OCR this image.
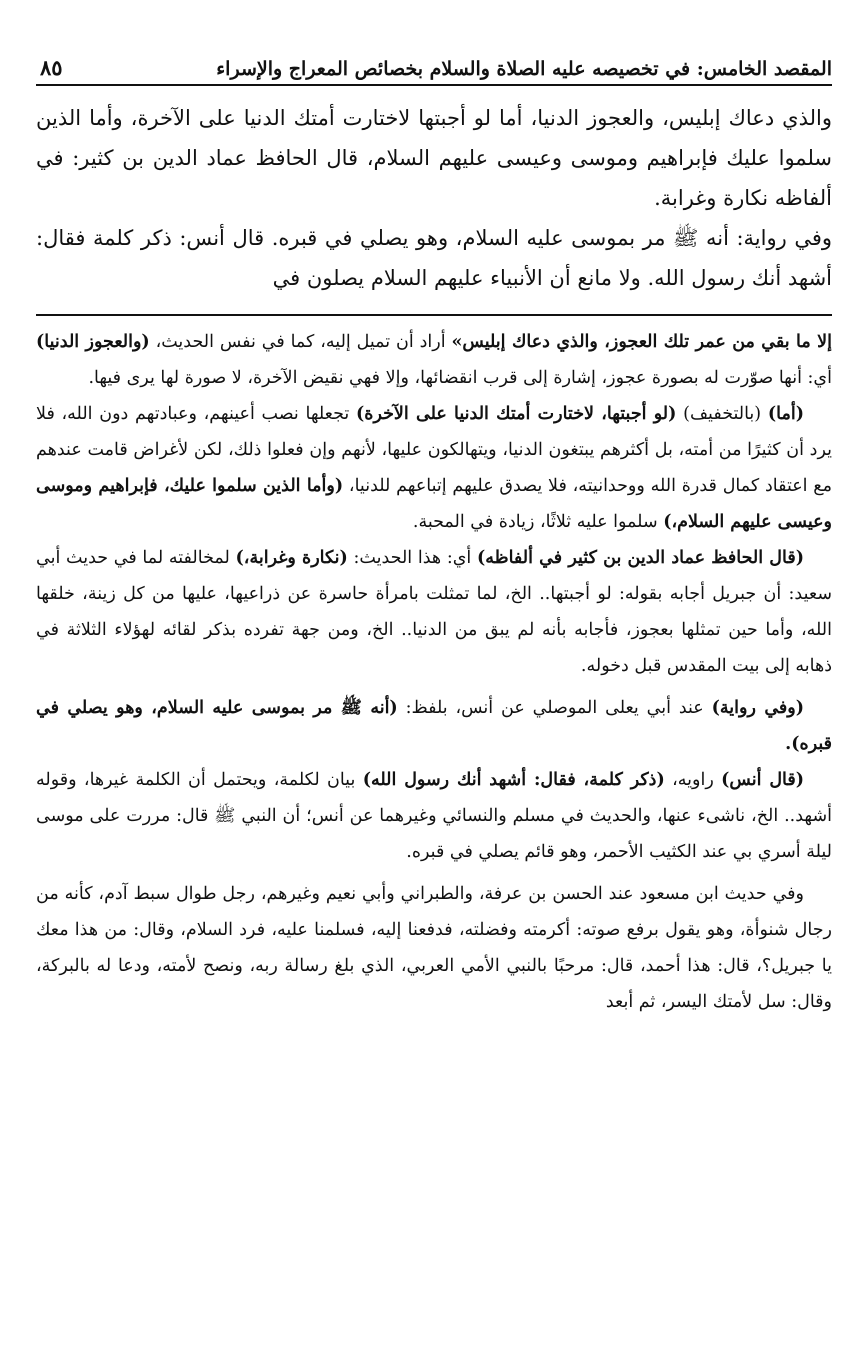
المقصد الخامس: في تخصيصه عليه الصلاة والسلام بخصائص المعراج والإسراء
٨٥

والذي دعاك إبليس، والعجوز الدنيا، أما لو أجبتها لاختارت أمتك الدنيا على الآخرة، وأما الذين سلموا عليك فإبراهيم وموسى وعيسى عليهم السلام، قال الحافظ عماد الدين بن كثير: في ألفاظه نكارة وغرابة.

وفي رواية: أنه ﷺ مر بموسى عليه السلام، وهو يصلي في قبره. قال أنس: ذكر كلمة فقال: أشهد أنك رسول الله. ولا مانع أن الأنبياء عليهم السلام يصلون في

إلا ما بقي من عمر تلك العجوز، والذي دعاك إبليس» أراد أن تميل إليه، كما في نفس الحديث، (والعجوز الدنيا) أي: أنها صوّرت له بصورة عجوز، إشارة إلى قرب انقضائها، وإلا فهي نقيض الآخرة، لا صورة لها يرى فيها.

(أما) (بالتخفيف) (لو أجبتها، لاختارت أمتك الدنيا على الآخرة) تجعلها نصب أعينهم، وعبادتهم دون الله، فلا يرد أن كثيرًا من أمته، بل أكثرهم يبتغون الدنيا، ويتهالكون عليها، لأنهم وإن فعلوا ذلك، لكن لأغراض قامت عندهم مع اعتقاد كمال قدرة الله ووحدانيته، فلا يصدق عليهم إتباعهم للدنيا، (وأما الذين سلموا عليك، فإبراهيم وموسى وعيسى عليهم السلام،) سلموا عليه ثلاثًا، زيادة في المحبة.

(قال الحافظ عماد الدين بن كثير في ألفاظه) أي: هذا الحديث: (نكارة وغرابة،) لمخالفته لما في حديث أبي سعيد: أن جبريل أجابه بقوله: لو أجبتها.. الخ، لما تمثلت بامرأة حاسرة عن ذراعيها، عليها من كل زينة، خلقها الله، وأما حين تمثلها بعجوز، فأجابه بأنه لم يبق من الدنيا.. الخ، ومن جهة تفرده بذكر لقائه لهؤلاء الثلاثة في ذهابه إلى بيت المقدس قبل دخوله.

(وفي رواية) عند أبي يعلى الموصلي عن أنس، بلفظ: (أنه ﷺ مر بموسى عليه السلام، وهو يصلي في قبره).

(قال أنس) راويه، (ذكر كلمة، فقال: أشهد أنك رسول الله) بيان لكلمة، ويحتمل أن الكلمة غيرها، وقوله أشهد.. الخ، ناشىء عنها، والحديث في مسلم والنسائي وغيرهما عن أنس؛ أن النبي ﷺ قال: مررت على موسى ليلة أسري بي عند الكثيب الأحمر، وهو قائم يصلي في قبره.

وفي حديث ابن مسعود عند الحسن بن عرفة، والطبراني وأبي نعيم وغيرهم، رجل طوال سبط آدم، كأنه من رجال شنوأة، وهو يقول برفع صوته: أكرمته وفضلته، فدفعنا إليه، فسلمنا عليه، فرد السلام، وقال: من هذا معك يا جبريل؟، قال: هذا أحمد، قال: مرحبًا بالنبي الأمي العربي، الذي بلغ رسالة ربه، ونصح لأمته، ودعا له بالبركة، وقال: سل لأمتك اليسر، ثم أبعد
